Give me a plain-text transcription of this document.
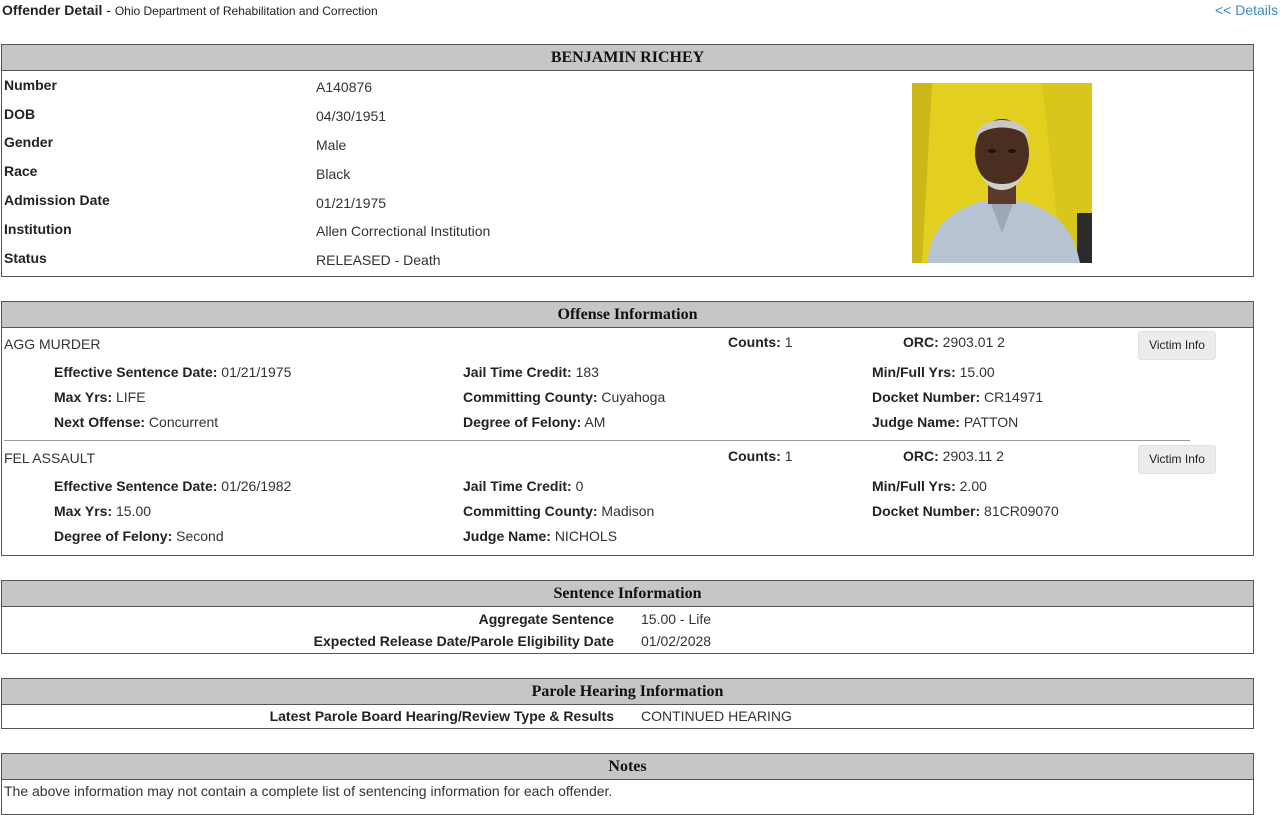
Offender Detail - Ohio Department of Rehabilitation and Correction	<< Details
BENJAMIN RICHEY
Number	A140876
DOB	04/30/1951
Gender	Male
Race	Black
Admission Date	01/21/1975
Institution	Allen Correctional Institution
Status	RELEASED - Death
Offense Information
AGG MURDER	Counts: 1	ORC: 2903.01 2	Victim Info
Effective Sentence Date: 01/21/1975	Jail Time Credit: 183	Min/Full Yrs: 15.00
Max Yrs: LIFE	Committing County: Cuyahoga	Docket Number: CR14971
Next Offense: Concurrent	Degree of Felony: AM	Judge Name: PATTON
FEL ASSAULT	Counts: 1	ORC: 2903.11 2	Victim Info
Effective Sentence Date: 01/26/1982	Jail Time Credit: 0	Min/Full Yrs: 2.00
Max Yrs: 15.00	Committing County: Madison	Docket Number: 81CR09070
Degree of Felony: Second	Judge Name: NICHOLS
Sentence Information
Aggregate Sentence 15.00 - Life
Expected Release Date/Parole Eligibility Date 01/02/2028
Parole Hearing Information
Latest Parole Board Hearing/Review Type & Results CONTINUED HEARING
Notes
The above information may not contain a complete list of sentencing information for each offender.
